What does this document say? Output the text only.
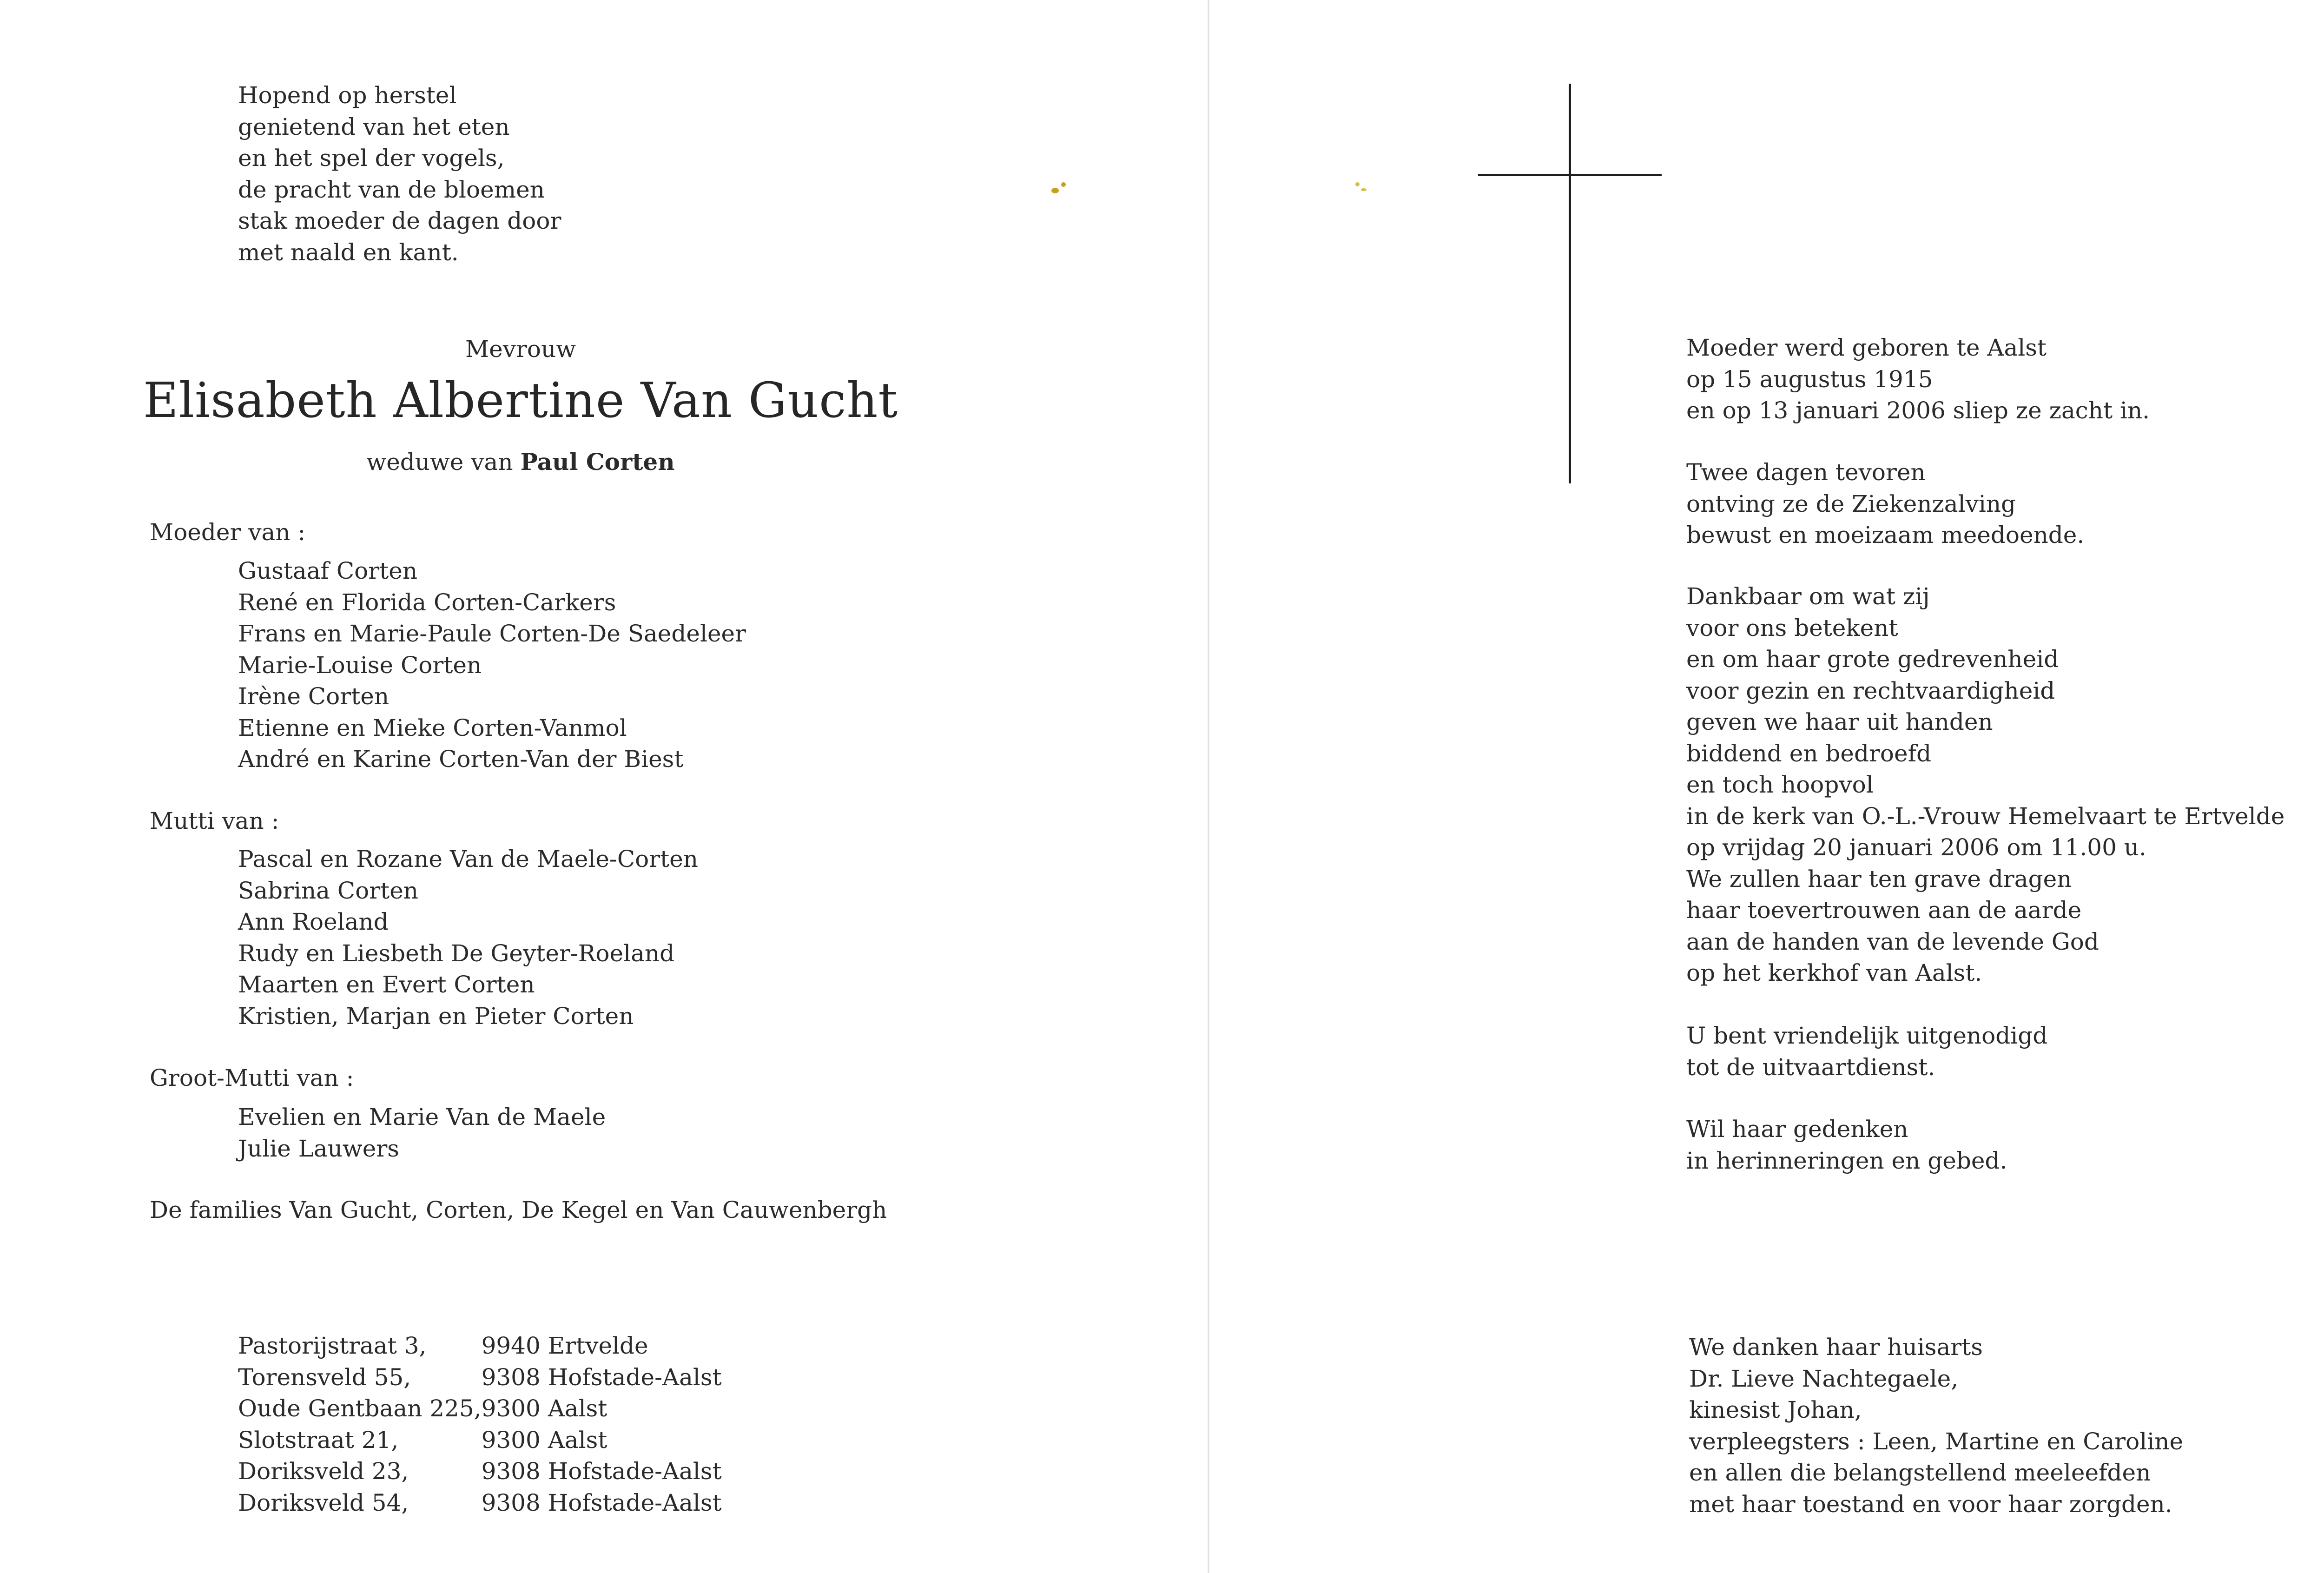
Hopend op herstel
genietend van het eten
en het spel der vogels,
de pracht van de bloemen
stak moeder de dagen door
met naald en kant.
Mevrouw
Elisabeth Albertine Van Gucht
weduwe van Paul Corten
Moeder van :
Gustaaf Corten
René en Florida Corten-Carkers
Frans en Marie-Paule Corten-De Saedeleer
Marie-Louise Corten
Irène Corten
Etienne en Mieke Corten-Vanmol
André en Karine Corten-Van der Biest
Mutti van :
Pascal en Rozane Van de Maele-Corten
Sabrina Corten
Ann Roeland
Rudy en Liesbeth De Geyter-Roeland
Maarten en Evert Corten
Kristien, Marjan en Pieter Corten
Groot-Mutti van :
Evelien en Marie Van de Maele
Julie Lauwers
De families Van Gucht, Corten, De Kegel en Van Cauwenbergh
Pastorijstraat 3,	9940 Ertvelde
Torensveld 55,	9308 Hofstade-Aalst
Oude Gentbaan 225,	9300 Aalst
Slotstraat 21,	9300 Aalst
Doriksveld 23,	9308 Hofstade-Aalst
Doriksveld 54,	9308 Hofstade-Aalst
Moeder werd geboren te Aalst
op 15 augustus 1915
en op 13 januari 2006 sliep ze zacht in.
Twee dagen tevoren
ontving ze de Ziekenzalving
bewust en moeizaam meedoende.
Dankbaar om wat zij
voor ons betekent
en om haar grote gedrevenheid
voor gezin en rechtvaardigheid
geven we haar uit handen
biddend en bedroefd
en toch hoopvol
in de kerk van O.-L.-Vrouw Hemelvaart te Ertvelde
op vrijdag 20 januari 2006 om 11.00 u.
We zullen haar ten grave dragen
haar toevertrouwen aan de aarde
aan de handen van de levende God
op het kerkhof van Aalst.
U bent vriendelijk uitgenodigd
tot de uitvaartdienst.
Wil haar gedenken
in herinneringen en gebed.
We danken haar huisarts
Dr. Lieve Nachtegaele,
kinesist Johan,
verpleegsters : Leen, Martine en Caroline
en allen die belangstellend meeleefden
met haar toestand en voor haar zorgden.
